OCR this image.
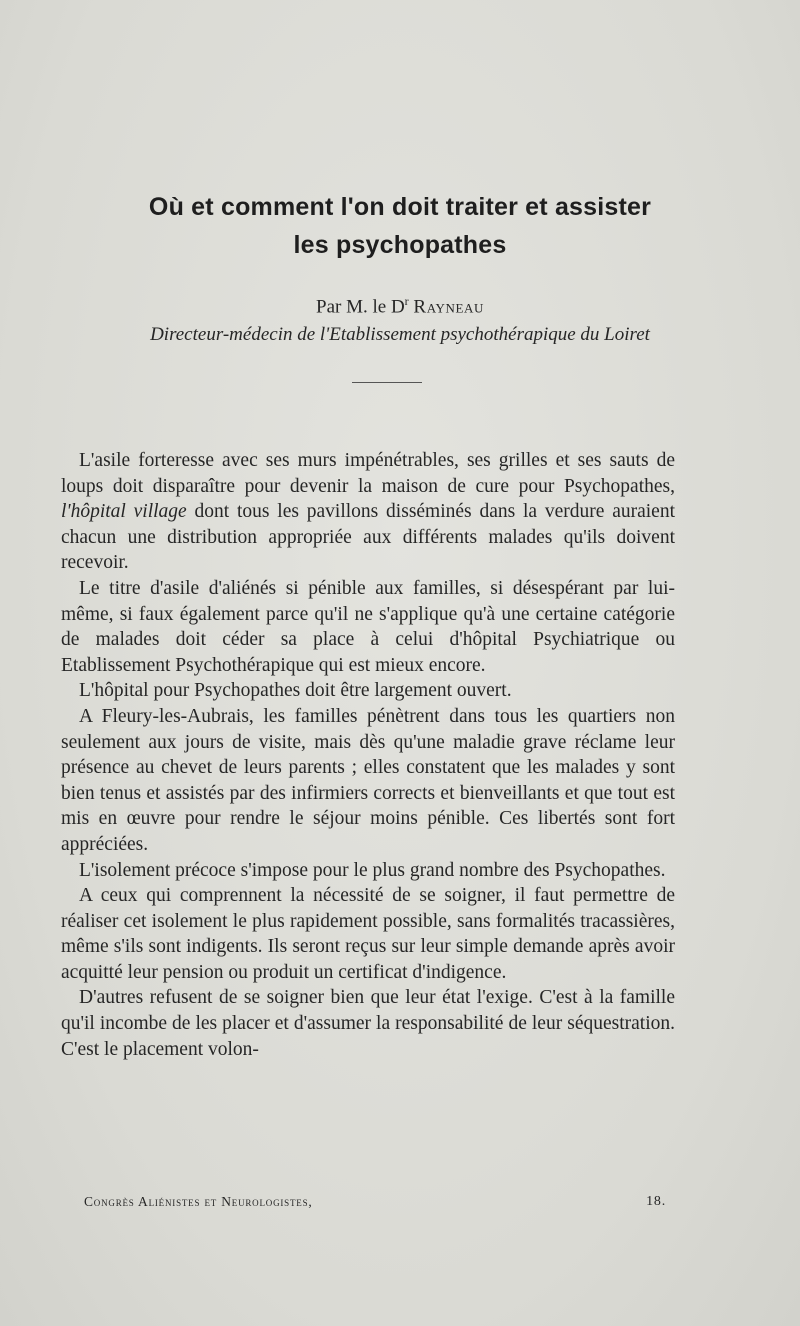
Où et comment l'on doit traiter et assister
les psychopathes
Par M. le $D^r$ Rayneau
Directeur-médecin de l'Etablissement psychothérapique du Loiret

L'asile forteresse avec ses murs impénétrables, ses grilles et ses sauts de loups doit disparaître pour devenir la maison de cure pour Psychopathes, l'hôpital village dont tous les pavillons disséminés dans la verdure auraient chacun une distribution appropriée aux différents malades qu'ils doivent recevoir.

Le titre d'asile d'aliénés si pénible aux familles, si désespérant par lui-même, si faux également parce qu'il ne s'applique qu'à une certaine catégorie de malades doit céder sa place à celui d'hôpital Psychiatrique ou Etablissement Psychothérapique qui est mieux encore.

L'hôpital pour Psychopathes doit être largement ouvert.

A Fleury-les-Aubrais, les familles pénètrent dans tous les quartiers non seulement aux jours de visite, mais dès qu'une maladie grave réclame leur présence au chevet de leurs parents ; elles constatent que les malades y sont bien tenus et assistés par des infirmiers corrects et bienveillants et que tout est mis en œuvre pour rendre le séjour moins pénible. Ces libertés sont fort appréciées.

L'isolement précoce s'impose pour le plus grand nombre des Psychopathes.

A ceux qui comprennent la nécessité de se soigner, il faut permettre de réaliser cet isolement le plus rapidement possible, sans formalités tracassières, même s'ils sont indigents. Ils seront reçus sur leur simple demande après avoir acquitté leur pension ou produit un certificat d'indigence.

D'autres refusent de se soigner bien que leur état l'exige. C'est à la famille qu'il incombe de les placer et d'assumer la responsabilité de leur séquestration. C'est le placement volon-

Congrès Aliénistes et Neurologistes,	18.
